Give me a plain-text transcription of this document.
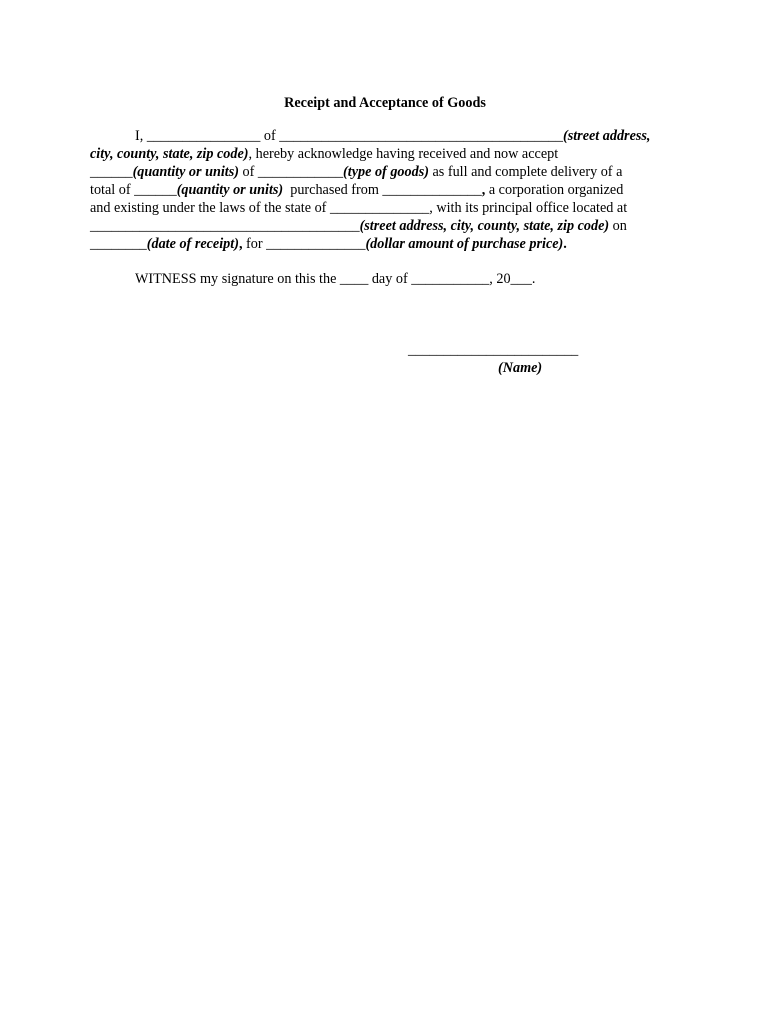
Receipt and Acceptance of Goods
I, ________________ of ________________________________________(street address,
city, county, state, zip code), hereby acknowledge having received and now accept
______(quantity or units) of ____________(type of goods) as full and complete delivery of a
total of ______(quantity or units)  purchased from ______________, a corporation organized
and existing under the laws of the state of ______________, with its principal office located at
______________________________________(street address, city, county, state, zip code) on
________(date of receipt), for ______________(dollar amount of purchase price).
WITNESS my signature on this the ____ day of ___________, 20___.
________________________
(Name)
